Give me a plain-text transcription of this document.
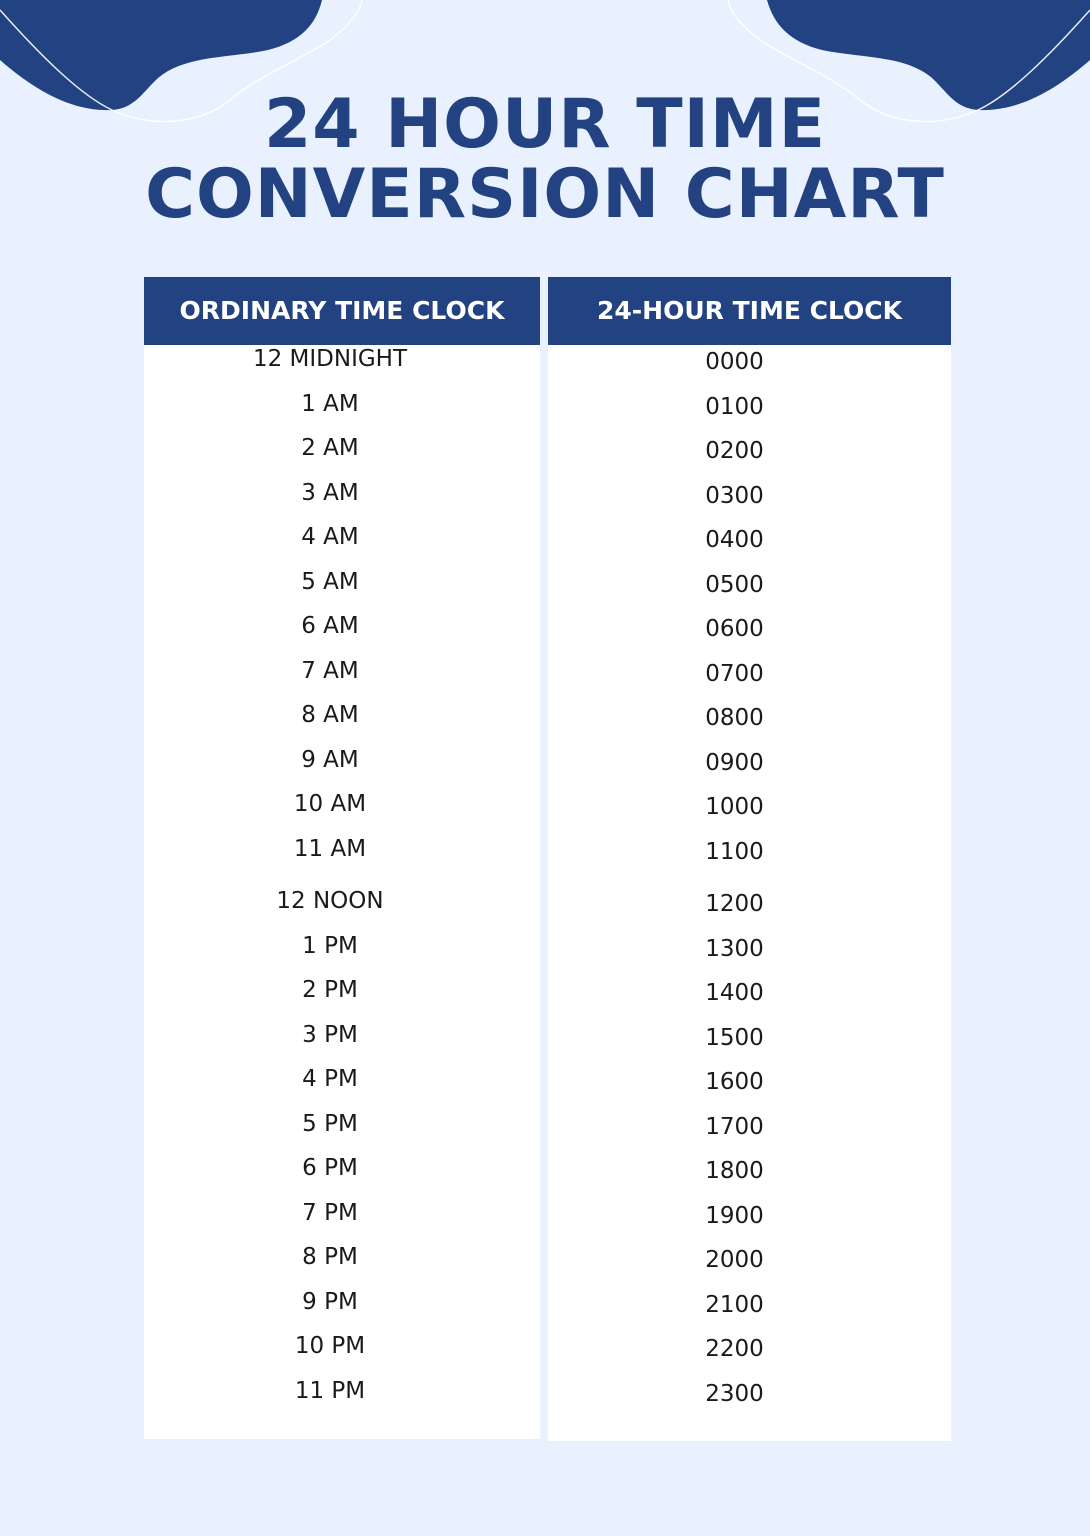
24 HOUR TIME
CONVERSION CHART
ORDINARY TIME CLOCK
12 MIDNIGHT
1 AM
2 AM
3 AM
4 AM
5 AM
6 AM
7 AM
8 AM
9 AM
10 AM
11 AM
12 NOON
1 PM
2 PM
3 PM
4 PM
5 PM
6 PM
7 PM
8 PM
9 PM
10 PM
11 PM
24-HOUR TIME CLOCK
0000
0100
0200
0300
0400
0500
0600
0700
0800
0900
1000
1100
1200
1300
1400
1500
1600
1700
1800
1900
2000
2100
2200
2300
